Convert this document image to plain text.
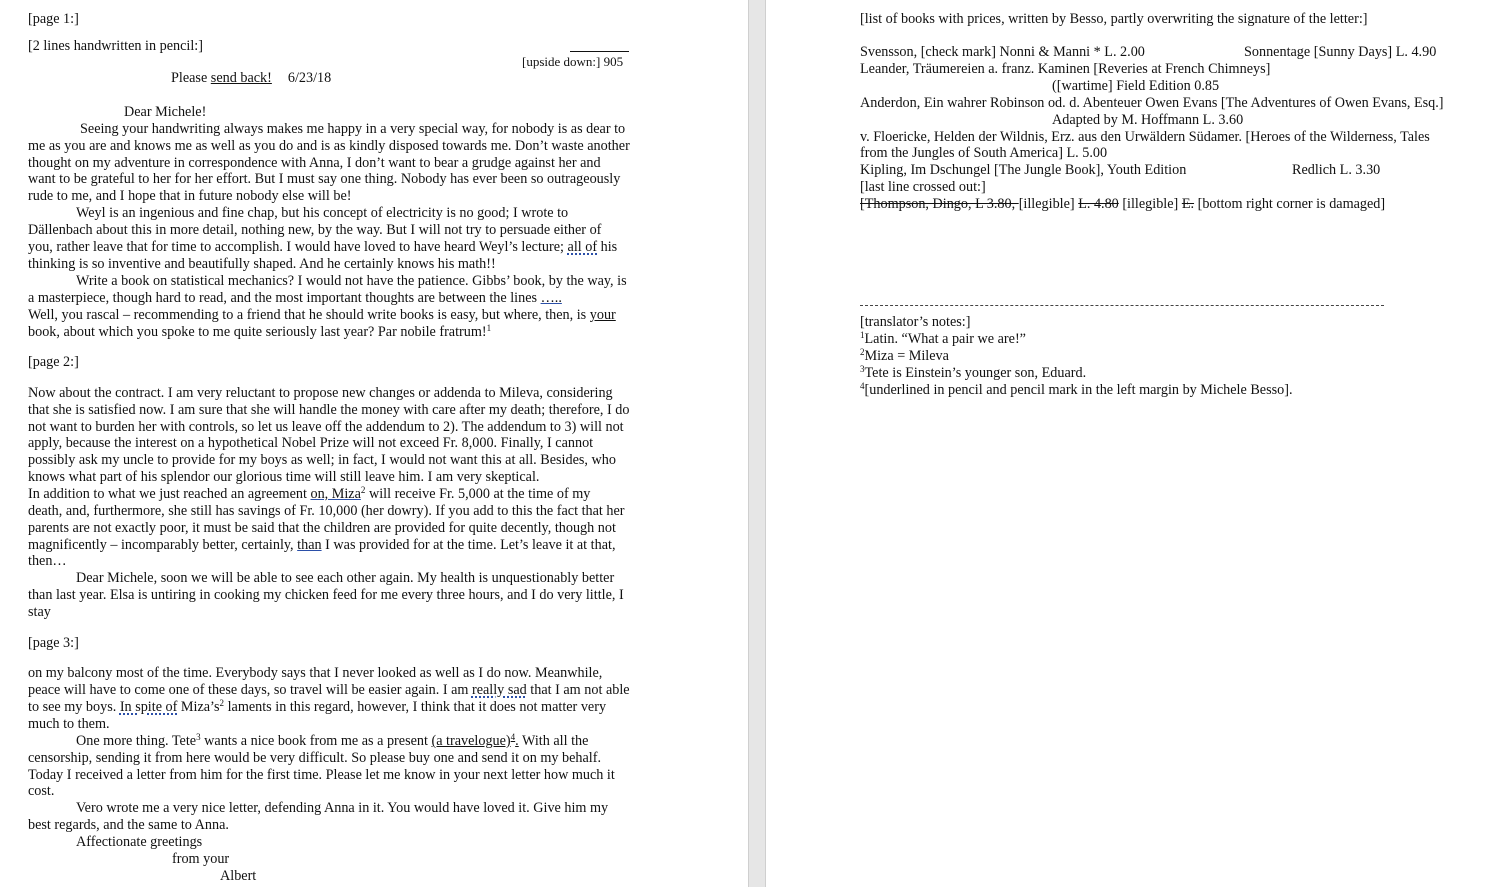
[page 1:]
[2 lines handwritten in pencil:]
[upside down:] 905
Please send back! 6/23/18
Dear Michele!
Seeing your handwriting always makes me happy in a very special way, for nobody is as dear to
me as you are and knows me as well as you do and is as kindly disposed towards me. Don’t waste another
thought on my adventure in correspondence with Anna, I don’t want to bear a grudge against her and
want to be grateful to her for her effort. But I must say one thing. Nobody has ever been so outrageously
rude to me, and I hope that in future nobody else will be!
Weyl is an ingenious and fine chap, but his concept of electricity is no good; I wrote to
Dällenbach about this in more detail, nothing new, by the way. But I will not try to persuade either of
you, rather leave that for time to accomplish. I would have loved to have heard Weyl’s lecture; all of his
thinking is so inventive and beautifully shaped. And he certainly knows his math!!
Write a book on statistical mechanics? I would not have the patience. Gibbs’ book, by the way, is
a masterpiece, though hard to read, and the most important thoughts are between the lines …..
Well, you rascal – recommending to a friend that he should write books is easy, but where, then, is your
book, about which you spoke to me quite seriously last year? Par nobile fratrum!$^1$
[page 2:]
Now about the contract. I am very reluctant to propose new changes or addenda to Mileva, considering
that she is satisfied now. I am sure that she will handle the money with care after my death; therefore, I do
not want to burden her with controls, so let us leave off the addendum to 2). The addendum to 3) will not
apply, because the interest on a hypothetical Nobel Prize will not exceed Fr. 8,000. Finally, I cannot
possibly ask my uncle to provide for my boys as well; in fact, I would not want this at all. Besides, who
knows what part of his splendor our glorious time will still leave him. I am very skeptical.
In addition to what we just reached an agreement on, Miza$^2$ will receive Fr. 5,000 at the time of my
death, and, furthermore, she still has savings of Fr. 10,000 (her dowry). If you add to this the fact that her
parents are not exactly poor, it must be said that the children are provided for quite decently, though not
magnificently – incomparably better, certainly, than I was provided for at the time. Let’s leave it at that,
then…
Dear Michele, soon we will be able to see each other again. My health is unquestionably better
than last year. Elsa is untiring in cooking my chicken feed for me every three hours, and I do very little, I
stay
[page 3:]
on my balcony most of the time. Everybody says that I never looked as well as I do now. Meanwhile,
peace will have to come one of these days, so travel will be easier again. I am really sad that I am not able
to see my boys. In spite of $Miza’s^2$ laments in this regard, however, I think that it does not matter very
much to them.
One more thing. Tete$^3$ wants a nice book from me as a present (a travelogue)$^4$. With all the
censorship, sending it from here would be very difficult. So please buy one and send it on my behalf.
Today I received a letter from him for the first time. Please let me know in your next letter how much it
cost.
Vero wrote me a very nice letter, defending Anna in it. You would have loved it. Give him my
best regards, and the same to Anna.
Affectionate greetings
from your
Albert
[list of books with prices, written by Besso, partly overwriting the signature of the letter:]
Svensson, [check mark] Nonni & Manni * L. 2.00	Sonnentage [Sunny Days] L. 4.90
Leander, Träumereien a. franz. Kaminen [Reveries at French Chimneys]
([wartime] Field Edition 0.85
Anderdon, Ein wahrer Robinson od. d. Abenteuer Owen Evans [The Adventures of Owen Evans, Esq.]
Adapted by M. Hoffmann L. 3.60
v. Floericke, Helden der Wildnis, Erz. aus den Urwäldern Südamer. [Heroes of the Wilderness, Tales
from the Jungles of South America] L. 5.00
Kipling, Im Dschungel [The Jungle Book], Youth Edition	Redlich L. 3.30
[last line crossed out:]
[Thompson, Dingo, L 3.80, [illegible] L. 4.80 [illegible] E. [bottom right corner is damaged]
[translator’s notes:]
$^1$Latin. “What a pair we are!”
$^2$Miza = Mileva
$^3$Tete is Einstein’s younger son, Eduard.
$^4$[underlined in pencil and pencil mark in the left margin by Michele Besso].
